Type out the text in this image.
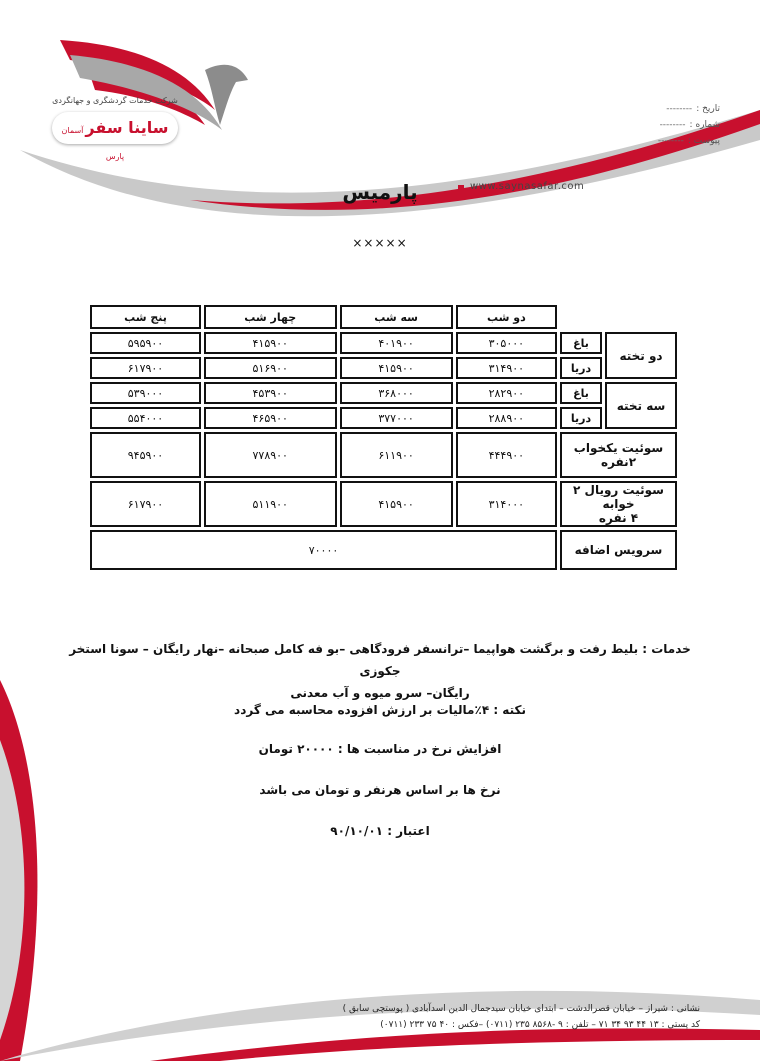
شرکت خدمات گردشگری و جهانگردی
ساینا سفرآسمان پارس
تاریخ :--------
شماره :--------
پیوست :--------
www.saynasafar.com
پارمیس
×××××
		دو شب	سه شب	چهار شب	پنج شب
دو تخته	باغ	۳۰۵۰۰۰	۴۰۱۹۰۰	۴۱۵۹۰۰	۵۹۵۹۰۰
	دریا	۳۱۴۹۰۰	۴۱۵۹۰۰	۵۱۶۹۰۰	۶۱۷۹۰۰
سه تخته	باغ	۲۸۲۹۰۰	۳۶۸۰۰۰	۴۵۳۹۰۰	۵۳۹۰۰۰
	دریا	۲۸۸۹۰۰	۳۷۷۰۰۰	۴۶۵۹۰۰	۵۵۴۰۰۰
سوئیت یکخواب
۲نفره		۴۴۴۹۰۰	۶۱۱۹۰۰	۷۷۸۹۰۰	۹۴۵۹۰۰
سوئیت رویال ۲ خوابه
۴ نفره		۳۱۴۰۰۰	۴۱۵۹۰۰	۵۱۱۹۰۰	۶۱۷۹۰۰
سرویس اضافه		۷۰۰۰۰			
خدمات : بلیط رفت و برگشت هواپیما –ترانسفر فرودگاهی –بو فه کامل صبحانه –نهار رایگان – سونا استخر جکوزی
رایگان– سرو میوه و آب معدنی
نکته : ۴٪مالیات بر ارزش افزوده محاسبه می گردد
افزایش نرخ در مناسبت ها : ۲۰۰۰۰ تومان
نرخ ها بر اساس هرنفر و تومان می باشد
اعتبار : ۹۰/۱۰/۰۱
نشانی : شیراز – خیابان قصرالدشت – ابتدای خیابان سیدجمال الدین اسدآبادی ( پوستچی سابق )
کد پستی : ۱۳ ۴۴ ۹۳ ۳۴ ۷۱ – تلفن : ۹ -۸۵۶۸ ۲۳۵ (۰۷۱۱) –فکس : ۴۰ ۷۵ ۲۳۳ (۰۷۱۱)
